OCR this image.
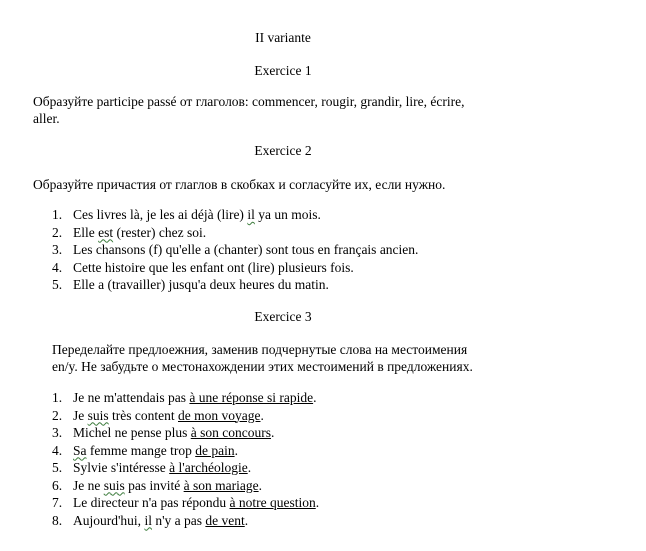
II variante
Exercice 1
Образуйте participe passé от глаголов: commencer, rougir, grandir, lire, écrire,
aller.
Exercice 2
Образуйте причастия от глаглов в скобках и согласуйте их, если нужно.
1. Ces livres là, je les ai déjà (lire) il ya un mois.
2. Elle est (rester) chez soi.
3. Les chansons (f) qu'elle a (chanter) sont tous en français ancien.
4. Cette histoire que les enfant ont (lire) plusieurs fois.
5. Elle a (travailler) jusqu'a deux heures du matin.
Exercice 3
Переделайте предлоежния, заменив подчернутые слова на местоимения
en/y. Не забудьте о местонахождении этих местоимений в предложениях.
1. Je ne m'attendais pas à une réponse si rapide.
2. Je suis très content de mon voyage.
3. Michel ne pense plus à son concours.
4. Sa femme mange trop de pain.
5. Sylvie s'intéresse à l'archéologie.
6. Je ne suis pas invité à son mariage.
7. Le directeur n'a pas répondu à notre question.
8. Aujourd'hui, il n'y a pas de vent.
